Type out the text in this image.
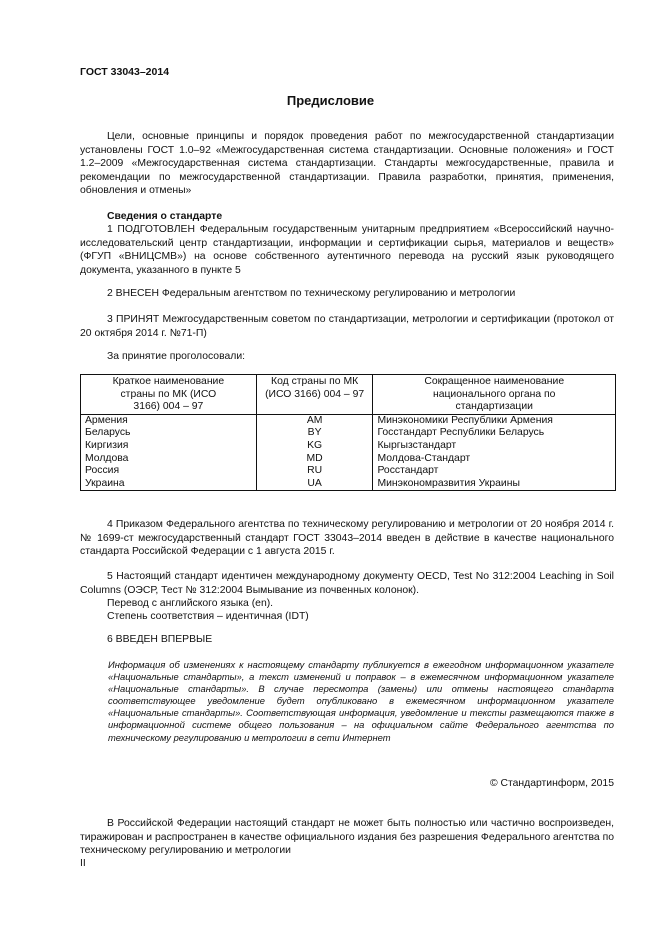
ГОСТ 33043–2014
Предисловие
Цели, основные принципы и порядок проведения работ по межгосударственной стандартизации установлены ГОСТ 1.0–92 «Межгосударственная система стандартизации. Основные положения» и ГОСТ 1.2–2009 «Межгосударственная система стандартизации. Стандарты межгосударственные, правила и рекомендации по межгосударственной стандартизации. Правила разработки, принятия, применения, обновления и отмены»
Сведения о стандарте
1 ПОДГОТОВЛЕН Федеральным государственным унитарным предприятием «Всероссийский научно-исследовательский центр стандартизации, информации и сертификации сырья, материалов и веществ» (ФГУП «ВНИЦСМВ») на основе собственного аутентичного перевода на русский язык руководящего документа, указанного в пункте 5
2 ВНЕСЕН Федеральным агентством по техническому регулированию и метрологии
3 ПРИНЯТ Межгосударственным советом по стандартизации, метрологии и сертификации (протокол от 20 октября 2014 г. №71-П)
За принятие проголосовали:
Краткое наименование страны по МК (ИСО 3166) 004 – 97	Код страны по МК (ИСО 3166) 004 – 97	Сокращенное наименование национального органа по стандартизации

Армения	AM	Минэкономики Республики Армения
Беларусь	BY	Госстандарт Республики Беларусь
Киргизия	KG	Кыргызстандарт
Молдова	MD	Молдова-Стандарт
Россия	RU	Росстандарт
Украина	UA	Минэкономразвития Украины
4 Приказом Федерального агентства по техническому регулированию и метрологии от 20 ноября 2014 г. № 1699-ст межгосударственный стандарт ГОСТ 33043–2014 введен в действие в качестве национального стандарта Российской Федерации с 1 августа 2015 г.
5 Настоящий стандарт идентичен международному документу OECD, Test No 312:2004 Leaching in Soil Columns (ОЭСР, Тест № 312:2004 Вымывание из почвенных колонок).
Перевод с английского языка (en).
Степень соответствия – идентичная (IDT)
6 ВВЕДЕН ВПЕРВЫЕ
Информация об изменениях к настоящему стандарту публикуется в ежегодном информационном указателе «Национальные стандарты», а текст изменений и поправок – в ежемесячном информационном указателе «Национальные стандарты». В случае пересмотра (замены) или отмены настоящего стандарта соответствующее уведомление будет опубликовано в ежемесячном информационном указателе «Национальные стандарты». Соответствующая информация, уведомление и тексты размещаются также в информационной системе общего пользования – на официальном сайте Федерального агентства по техническому регулированию и метрологии в сети Интернет
© Стандартинформ, 2015
В Российской Федерации настоящий стандарт не может быть полностью или частично воспроизведен, тиражирован и распространен в качестве официального издания без разрешения Федерального агентства по техническому регулированию и метрологии
II
